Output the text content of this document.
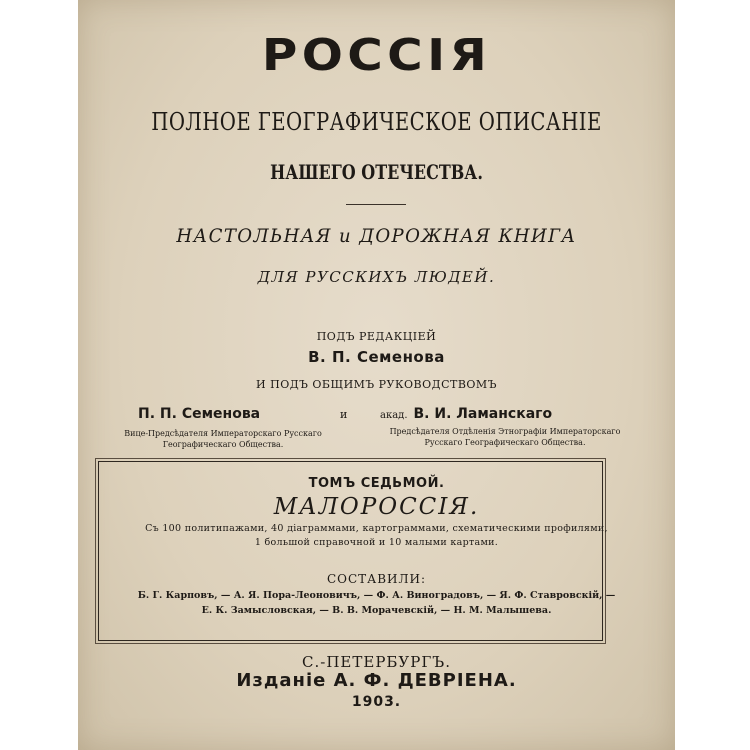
РОССІЯ
ПОЛНОЕ ГЕОГРАФИЧЕСКОЕ ОПИСАНІЕ
НАШЕГО ОТЕЧЕСТВА.
НАСТОЛЬНАЯ и ДОРОЖНАЯ КНИГА
ДЛЯ РУССКИХЪ ЛЮДЕЙ.
ПОДЪ РЕДАКЦІЕЙ
В. П. Семенова
И ПОДЪ ОБЩИМЪ РУКОВОДСТВОМЪ
П. П. Семенова
Вице-Предсѣдателя Императорскаго Русскаго Географическаго Общества.
и	акад. В. И. Ламанскаго
Предсѣдателя Отдѣленія Этнографіи Императорскаго Русскаго Географическаго Общества.
ТОМЪ СЕДЬМОЙ.
МАЛОРОССІЯ.
Съ 100 политипажами, 40 діаграммами, картограммами, схематическими профилями,
1 большой справочной и 10 малыми картами.
СОСТАВИЛИ:
Б. Г. Карповъ, — А. Я. Пора-Леоновичъ, — Ф. А. Виноградовъ, — Я. Ф. Ставровскій, —
Е. К. Замысловская, — В. В. Морачевскій, — Н. М. Малышева.
С.-ПЕТЕРБУРГЪ.
Изданіе А. Ф. ДЕВРІЕНА.
1903.
